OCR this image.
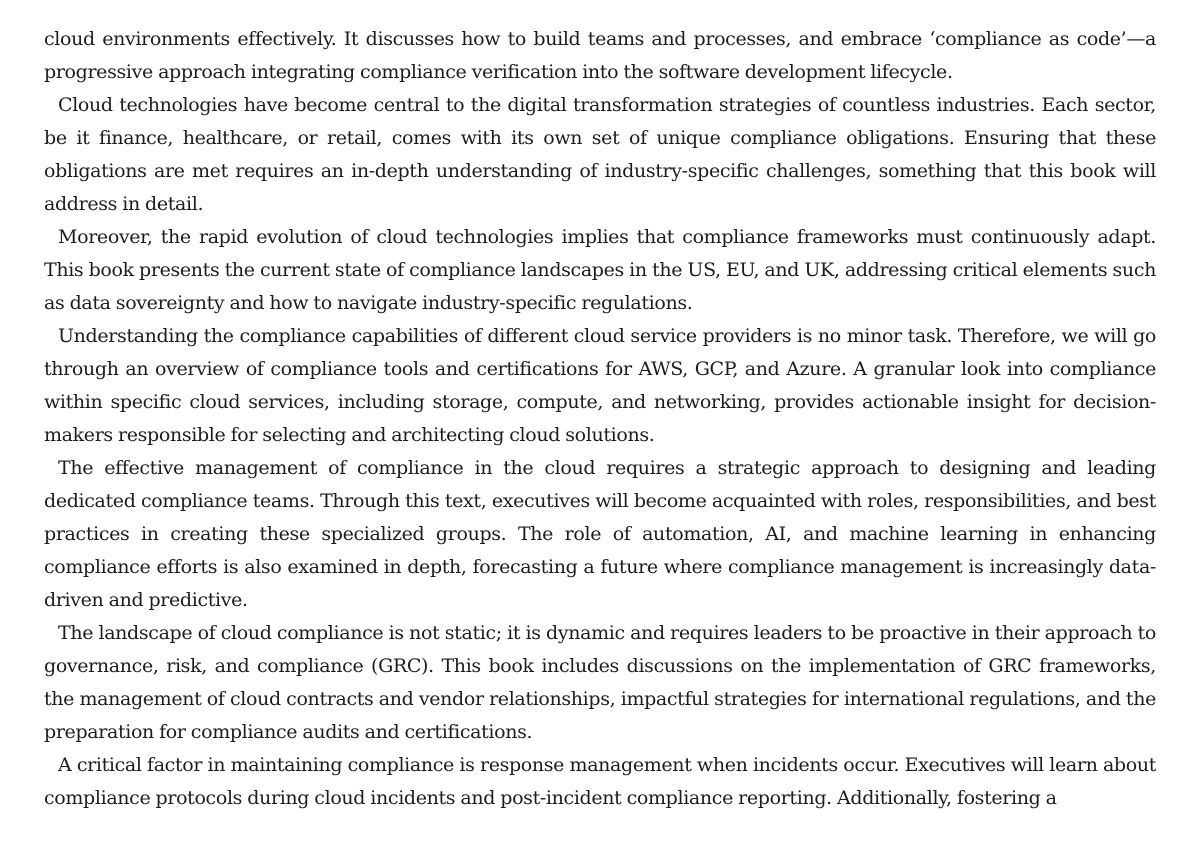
cloud environments effectively. It discusses how to build teams and processes, and embrace ‘compliance as code’—a progressive approach integrating compliance verification into the software development lifecycle.

Cloud technologies have become central to the digital transformation strategies of countless industries. Each sector, be it finance, healthcare, or retail, comes with its own set of unique compliance obligations. Ensuring that these obligations are met requires an in-depth understanding of industry-specific challenges, something that this book will address in detail.

Moreover, the rapid evolution of cloud technologies implies that compliance frameworks must continuously adapt. This book presents the current state of compliance landscapes in the US, EU, and UK, addressing critical elements such as data sovereignty and how to navigate industry-specific regulations.

Understanding the compliance capabilities of different cloud service providers is no minor task. Therefore, we will go through an overview of compliance tools and certifications for AWS, GCP, and Azure. A granular look into compliance within specific cloud services, including storage, compute, and networking, provides actionable insight for decision-makers responsible for selecting and architecting cloud solutions.

The effective management of compliance in the cloud requires a strategic approach to designing and leading dedicated compliance teams. Through this text, executives will become acquainted with roles, responsibilities, and best practices in creating these specialized groups. The role of automation, AI, and machine learning in enhancing compliance efforts is also examined in depth, forecasting a future where compliance management is increasingly data-driven and predictive.

The landscape of cloud compliance is not static; it is dynamic and requires leaders to be proactive in their approach to governance, risk, and compliance (GRC). This book includes discussions on the implementation of GRC frameworks, the management of cloud contracts and vendor relationships, impactful strategies for international regulations, and the preparation for compliance audits and certifications.

A critical factor in maintaining compliance is response management when incidents occur. Executives will learn about compliance protocols during cloud incidents and post-incident compliance reporting. Additionally, fostering a
